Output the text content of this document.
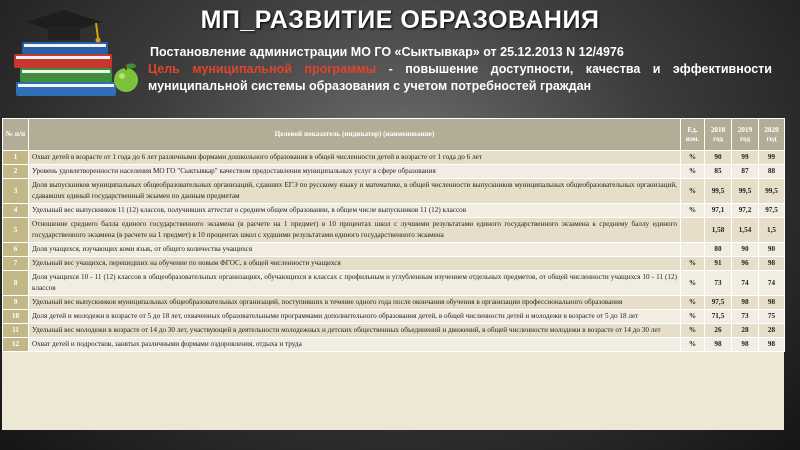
МП_РАЗВИТИЕ ОБРАЗОВАНИЯ
Постановление администрации МО ГО «Сыктывкар» от 25.12.2013 N 12/4976
Цель муниципальной программы - повышение доступности, качества и эффективности муниципальной системы образования с учетом потребностей граждан
№ п/п	Целевой показатель (индикатор) (наименование)	Ед. изм.	2018 год	2019 год	2020 год
1	Охват детей в возрасте от 1 года до 6 лет различными формами дошкольного образования в общей численности детей в возрасте от 1 года до 6 лет	%	90	99	99
2	Уровень удовлетворенности населения МО ГО "Сыктывкар" качеством предоставления муниципальных услуг в сфере образования	%	85	87	88
3	Доля выпускников муниципальных общеобразовательных организаций, сдавших ЕГЭ по русскому языку и математике, в общей численности выпускников муниципальных общеобразовательных организаций, сдававших единый государственный экзамен по данным предметам	%	99,5	99,5	99,5
4	Удельный вес выпускников 11 (12) классов, получивших аттестат о среднем общем образовании, в общем числе выпускников 11 (12) классов	%	97,1	97,2	97,5
5	Отношение среднего балла единого государственного экзамена (в расчете на 1 предмет) в 10 процентах школ с лучшими результатами единого государственного экзамена к среднему баллу единого государственного экзамена (в расчете на 1 предмет) в 10 процентах школ с худшими результатами единого государственного экзамена		1,58	1,54	1,5
6	Доля учащихся, изучающих коми язык, от общего количества учащихся		80	90	90
7	Удельный вес учащихся, перешедших на обучение по новым ФГОС, в общей численности учащихся	%	91	96	98
8	Доля учащихся 10 - 11 (12) классов в общеобразовательных организациях, обучающихся в классах с профильным и углубленным изучением отдельных предметов, от общей численности учащихся 10 - 11 (12) классов	%	73	74	74
9	Удельный вес выпускников муниципальных общеобразовательных организаций, поступивших в течение одного года после окончания обучения в организации профессионального образования	%	97,5	98	98
10	Доля детей и молодежи в возрасте от 5 до 18 лет, охваченных образовательными программами дополнительного образования детей, в общей численности детей и молодежи в возрасте от 5 до 18 лет	%	71,5	73	75
11	Удельный вес молодежи в возрасте от 14 до 30 лет, участвующей в деятельности молодежных и детских общественных объединений и движений, в общей численности молодежи в возрасте от 14 до 30 лет	%	26	28	28
12	Охват детей и подростков, занятых различными формами оздоровления, отдыха и труда	%	98	98	98
